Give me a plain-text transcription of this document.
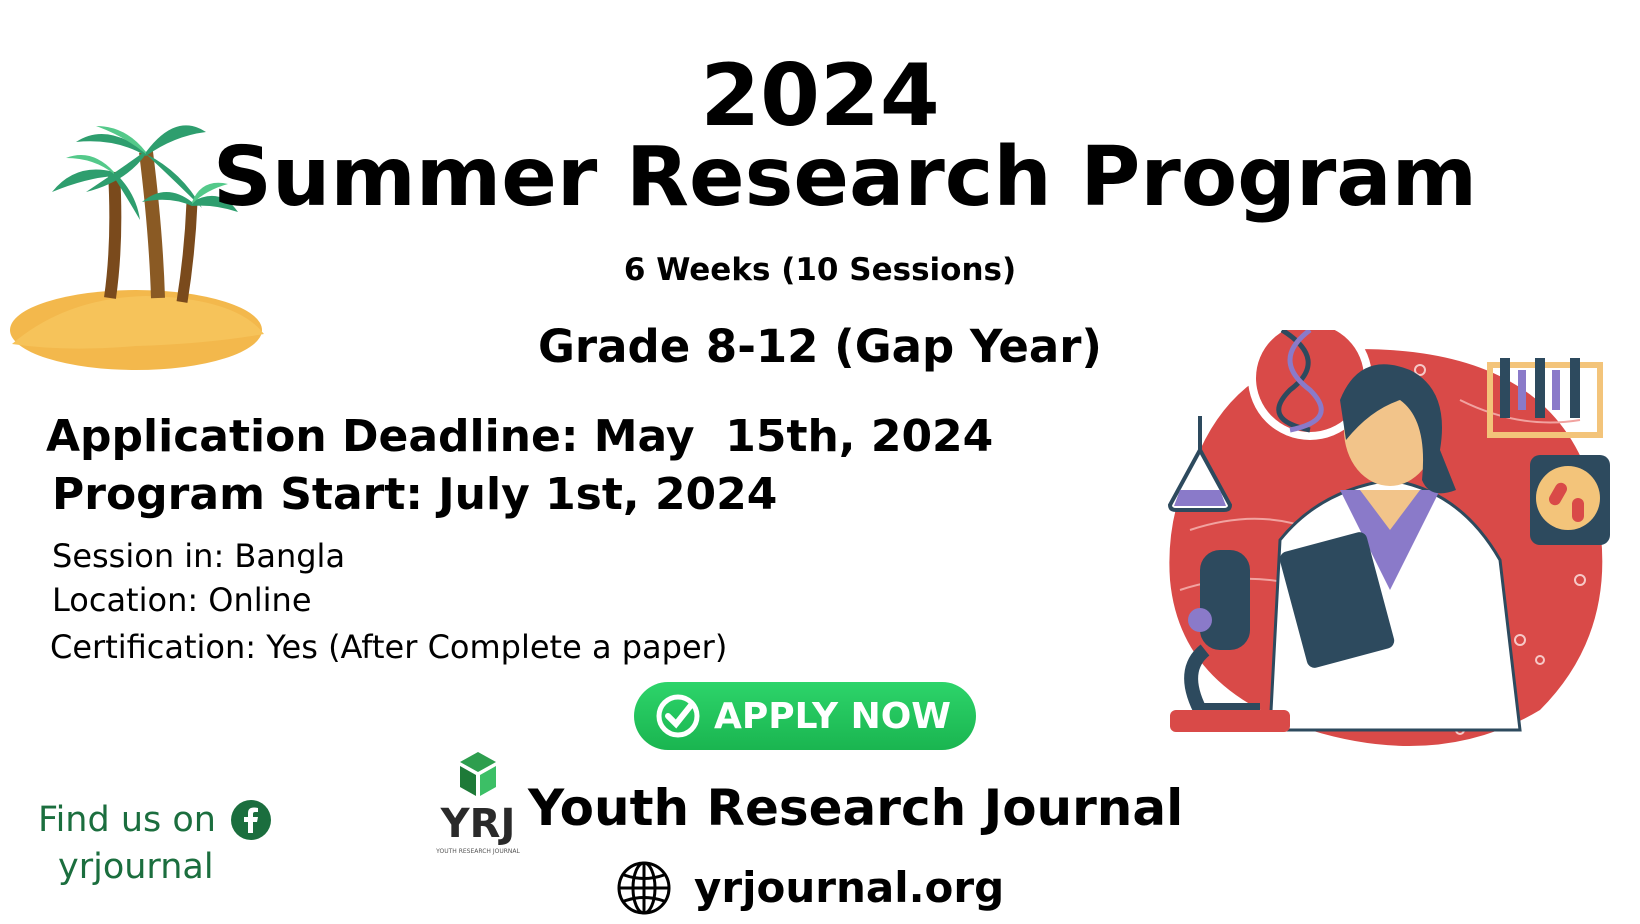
2024
Summer Research Program
6 Weeks (10 Sessions)
Grade 8-12 (Gap Year)
Application Deadline: May  15th, 2024
Program Start: July 1st, 2024
Session in: Bangla
Location: Online
Certification: Yes (After Complete a paper)
APPLY NOW
Find us on
yrjournal
YRJ
YOUTH RESEARCH JOURNAL
Youth Research Journal
yrjournal.org
